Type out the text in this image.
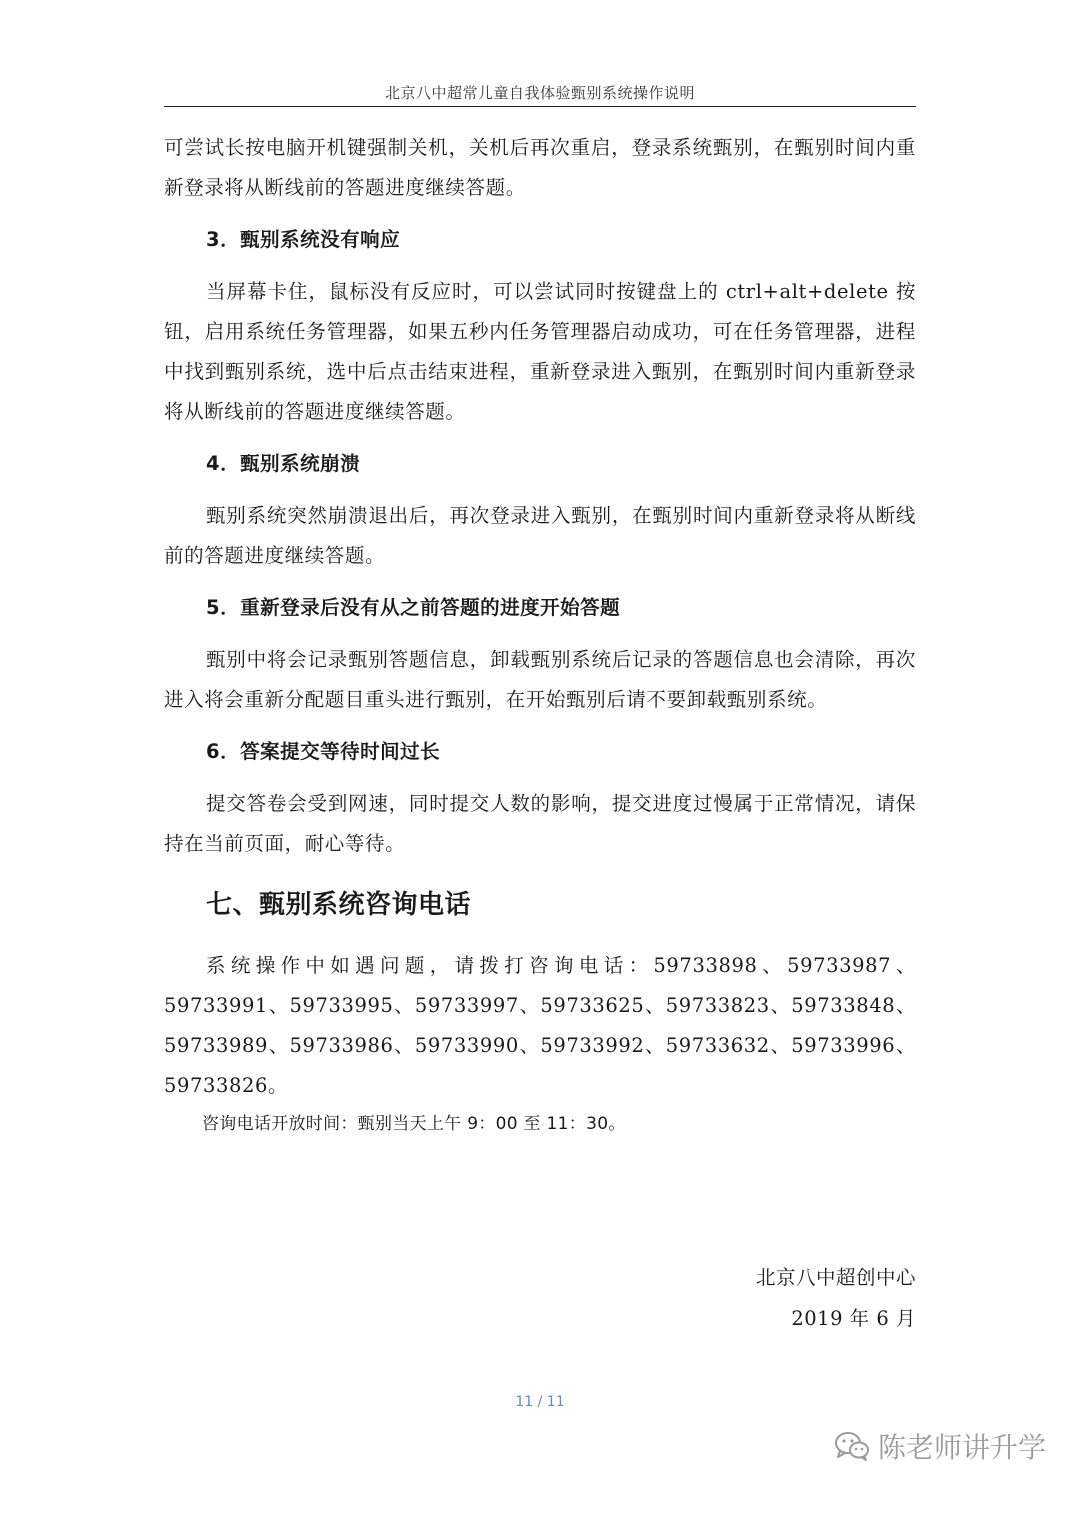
北京八中超常儿童自我体验甄别系统操作说明

可尝试长按电脑开机键强制关机，关机后再次重启，登录系统甄别，在甄别时间内重新登录将从断线前的答题进度继续答题。

3．甄别系统没有响应

当屏幕卡住，鼠标没有反应时，可以尝试同时按键盘上的 ctrl+alt+delete 按钮，启用系统任务管理器，如果五秒内任务管理器启动成功，可在任务管理器，进程中找到甄别系统，选中后点击结束进程，重新登录进入甄别，在甄别时间内重新登录将从断线前的答题进度继续答题。

4．甄别系统崩溃

甄别系统突然崩溃退出后，再次登录进入甄别，在甄别时间内重新登录将从断线前的答题进度继续答题。

5．重新登录后没有从之前答题的进度开始答题

甄别中将会记录甄别答题信息，卸载甄别系统后记录的答题信息也会清除，再次进入将会重新分配题目重头进行甄别，在开始甄别后请不要卸载甄别系统。

6．答案提交等待时间过长

提交答卷会受到网速，同时提交人数的影响，提交进度过慢属于正常情况，请保持在当前页面，耐心等待。

七、甄别系统咨询电话

系统操作中如遇问题，请拨打咨询电话：59733898、59733987、59733991、59733995、59733997、59733625、59733823、59733848、59733989、59733986、59733990、59733992、59733632、59733996、59733826。

咨询电话开放时间：甄别当天上午 9：00 至 11：30。

北京八中超创中心
2019 年 6 月
11 / 11
陈老师讲升学
